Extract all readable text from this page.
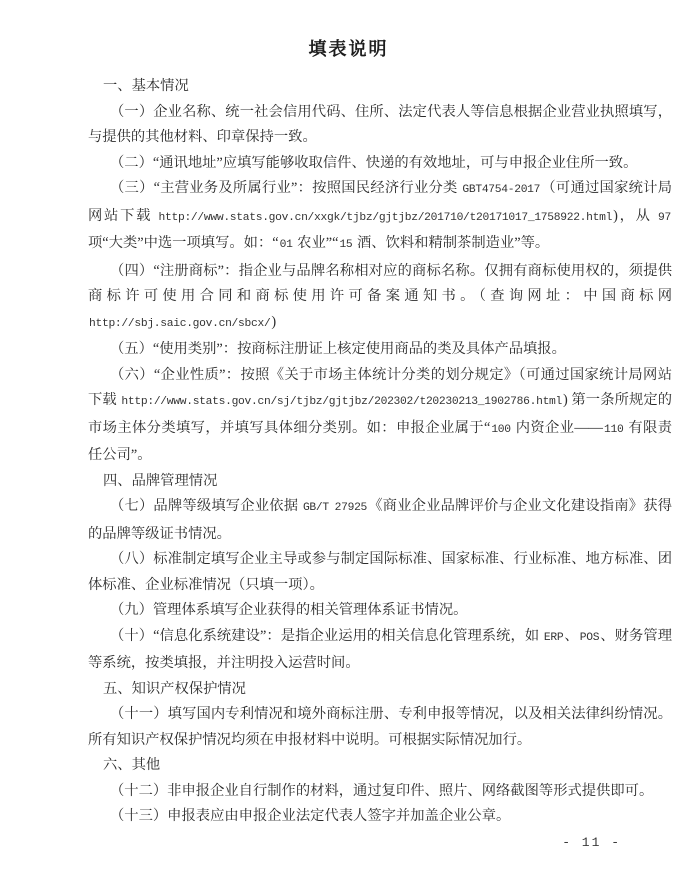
填表说明

一、基本情况

（一）企业名称、统一社会信用代码、住所、法定代表人等信息根据企业营业执照填写，与提供的其他材料、印章保持一致。

（二）“通讯地址”应填写能够收取信件、快递的有效地址，可与申报企业住所一致。

（三）“主营业务及所属行业”：按照国民经济行业分类 GBT4754-2017（可通过国家统计局网站下载 http://www.stats.gov.cn/xxgk/tjbz/gjtjbz/201710/t20171017_1758922.html)，从 97 项“大类”中选一项填写。如：“01 农业”“15 酒、饮料和精制茶制造业”等。

（四）“注册商标”：指企业与品牌名称相对应的商标名称。仅拥有商标使用权的，须提供商标许可使用合同和商标使用许可备案通知书。（查询网址：中国商标网 http://sbj.saic.gov.cn/sbcx/)

（五）“使用类别”：按商标注册证上核定使用商品的类及具体产品填报。

（六）“企业性质”：按照《关于市场主体统计分类的划分规定》（可通过国家统计局网站下载 http://www.stats.gov.cn/sj/tjbz/gjtjbz/202302/t20230213_1902786.html) 第一条所规定的市场主体分类填写，并填写具体细分类别。如：申报企业属于“100 内资企业——110 有限责任公司”。

四、品牌管理情况

（七）品牌等级填写企业依据 GB/T 27925《商业企业品牌评价与企业文化建设指南》获得的品牌等级证书情况。

（八）标准制定填写企业主导或参与制定国际标准、国家标准、行业标准、地方标准、团体标准、企业标准情况（只填一项）。

（九）管理体系填写企业获得的相关管理体系证书情况。

（十）“信息化系统建设”：是指企业运用的相关信息化管理系统，如 ERP、POS、财务管理等系统，按类填报，并注明投入运营时间。

五、知识产权保护情况

（十一）填写国内专利情况和境外商标注册、专利申报等情况，以及相关法律纠纷情况。所有知识产权保护情况均须在申报材料中说明。可根据实际情况加行。

六、其他

（十二）非申报企业自行制作的材料，通过复印件、照片、网络截图等形式提供即可。

（十三）申报表应由申报企业法定代表人签字并加盖企业公章。

- 11 -
